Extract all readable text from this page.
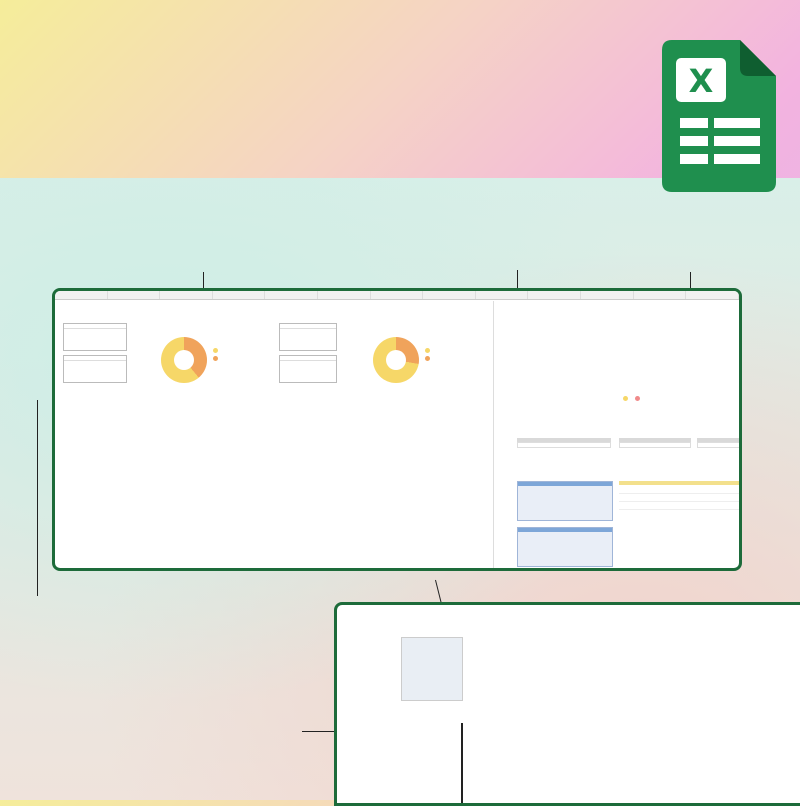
X
